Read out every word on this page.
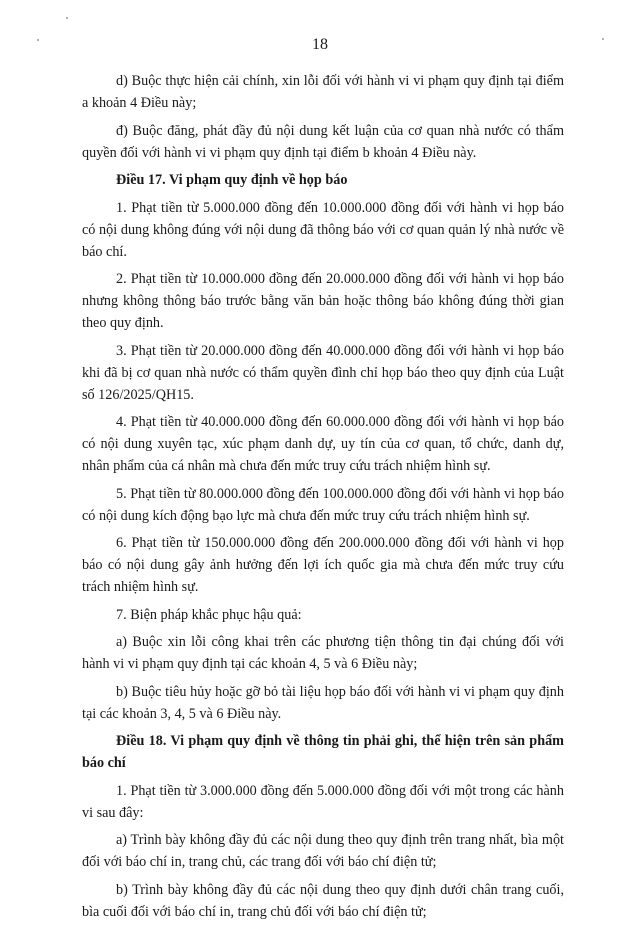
18

d) Buộc thực hiện cải chính, xin lỗi đối với hành vi vi phạm quy định tại điểm a khoản 4 Điều này;

đ) Buộc đăng, phát đầy đủ nội dung kết luận của cơ quan nhà nước có thẩm quyền đối với hành vi vi phạm quy định tại điểm b khoản 4 Điều này.

Điều 17. Vi phạm quy định về họp báo

1. Phạt tiền từ 5.000.000 đồng đến 10.000.000 đồng đối với hành vi họp báo có nội dung không đúng với nội dung đã thông báo với cơ quan quản lý nhà nước về báo chí.

2. Phạt tiền từ 10.000.000 đồng đến 20.000.000 đồng đối với hành vi họp báo nhưng không thông báo trước bằng văn bản hoặc thông báo không đúng thời gian theo quy định.

3. Phạt tiền từ 20.000.000 đồng đến 40.000.000 đồng đối với hành vi họp báo khi đã bị cơ quan nhà nước có thẩm quyền đình chỉ họp báo theo quy định của Luật số 126/2025/QH15.

4. Phạt tiền từ 40.000.000 đồng đến 60.000.000 đồng đối với hành vi họp báo có nội dung xuyên tạc, xúc phạm danh dự, uy tín của cơ quan, tổ chức, danh dự, nhân phẩm của cá nhân mà chưa đến mức truy cứu trách nhiệm hình sự.

5. Phạt tiền từ 80.000.000 đồng đến 100.000.000 đồng đối với hành vi họp báo có nội dung kích động bạo lực mà chưa đến mức truy cứu trách nhiệm hình sự.

6. Phạt tiền từ 150.000.000 đồng đến 200.000.000 đồng đối với hành vi họp báo có nội dung gây ảnh hưởng đến lợi ích quốc gia mà chưa đến mức truy cứu trách nhiệm hình sự.

7. Biện pháp khắc phục hậu quả:

a) Buộc xin lỗi công khai trên các phương tiện thông tin đại chúng đối với hành vi vi phạm quy định tại các khoản 4, 5 và 6 Điều này;

b) Buộc tiêu hủy hoặc gỡ bỏ tài liệu họp báo đối với hành vi vi phạm quy định tại các khoản 3, 4, 5 và 6 Điều này.

Điều 18. Vi phạm quy định về thông tin phải ghi, thể hiện trên sản phẩm báo chí

1. Phạt tiền từ 3.000.000 đồng đến 5.000.000 đồng đối với một trong các hành vi sau đây:

a) Trình bày không đầy đủ các nội dung theo quy định trên trang nhất, bìa một đối với báo chí in, trang chủ, các trang đối với báo chí điện tử;

b) Trình bày không đầy đủ các nội dung theo quy định dưới chân trang cuối, bìa cuối đối với báo chí in, trang chủ đối với báo chí điện tử;
